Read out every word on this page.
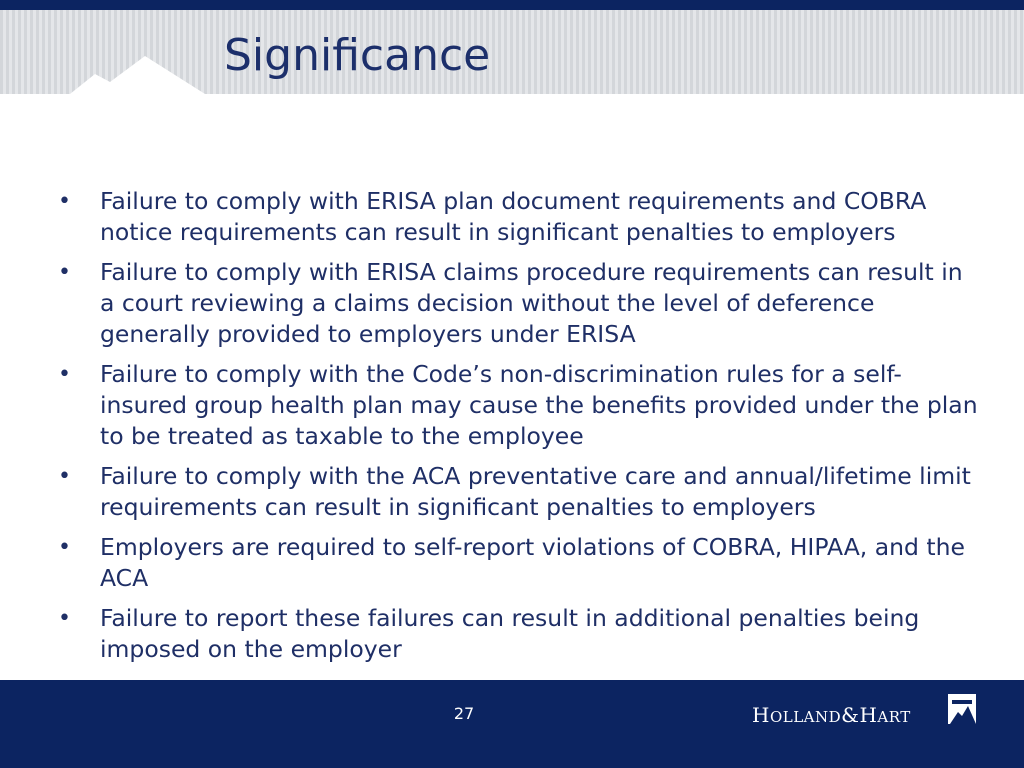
Significance
• Failure to comply with ERISA plan document requirements and COBRA notice requirements can result in significant penalties to employers
• Failure to comply with ERISA claims procedure requirements can result in a court reviewing a claims decision without the level of deference generally provided to employers under ERISA
• Failure to comply with the Code’s non-discrimination rules for a self-insured group health plan may cause the benefits provided under the plan to be treated as taxable to the employee
• Failure to comply with the ACA preventative care and annual/lifetime limit requirements can result in significant penalties to employers
• Employers are required to self-report violations of COBRA, HIPAA, and the ACA
• Failure to report these failures can result in additional penalties being imposed on the employer
27	HOLLAND&HART
